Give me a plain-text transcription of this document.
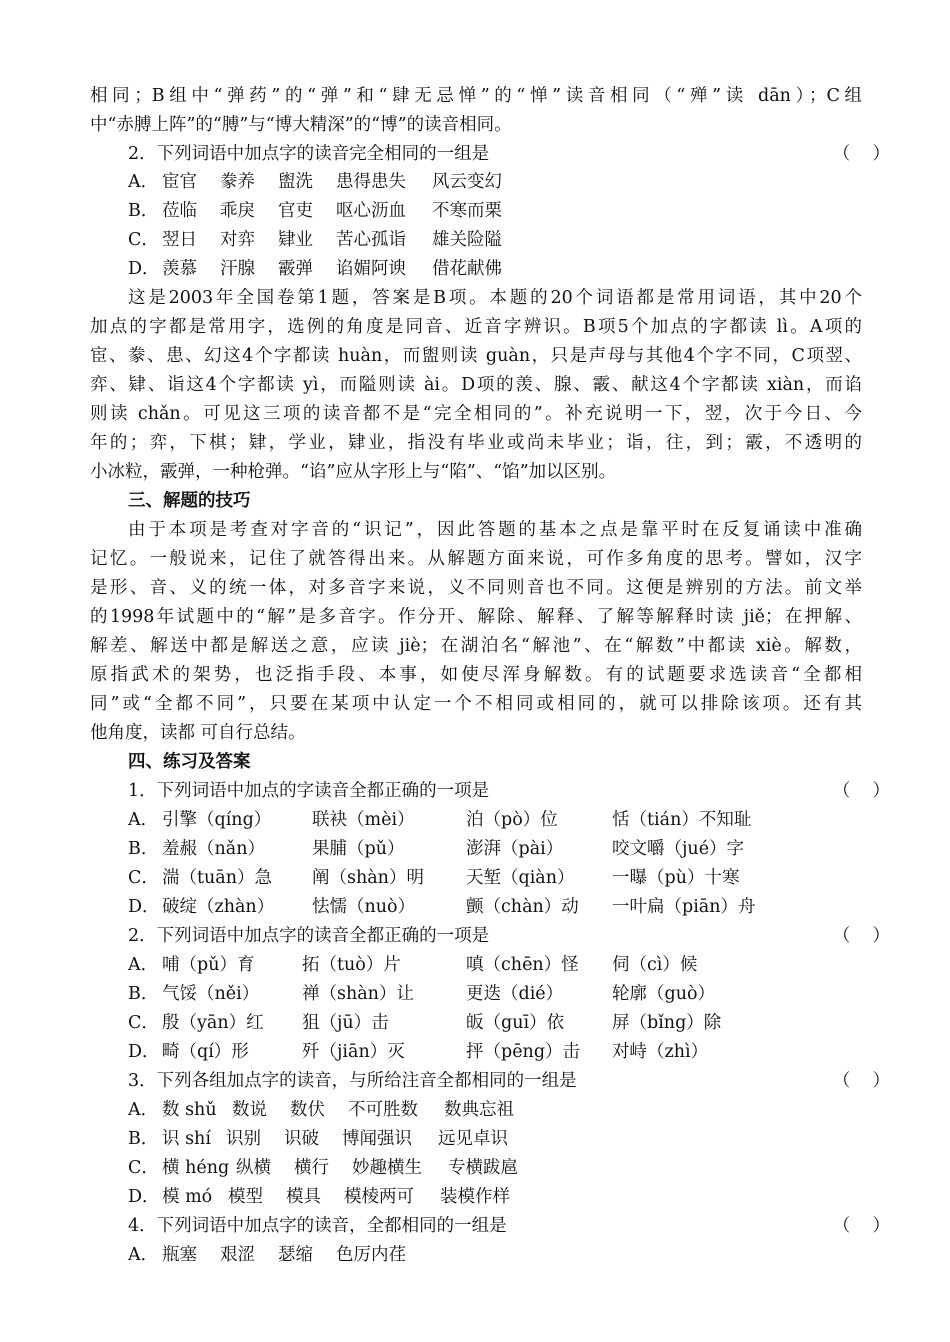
相同；B组中“弹药”的“弹”和“肆无忌惮”的“惮”读音相同（“殚”读 dān）；C组
中“赤膊上阵”的“膊”与“博大精深”的“博”的读音相同。
2．下列词语中加点字的读音完全相同的一组是	（    ）
A． 宦官 豢养 盥洗 患得患失 风云变幻
B． 莅临 乖戾 官吏 呕心沥血 不寒而栗
C． 翌日 对弈 肄业 苦心孤诣 雄关险隘
D． 羡慕 汗腺 霰弹 谄媚阿谀 借花献佛
这是2003年全国卷第1题，答案是B项。本题的20个词语都是常用词语，其中20个
加点的字都是常用字，选例的角度是同音、近音字辨识。B项5个加点的字都读 lì。A项的
宦、豢、患、幻这4个字都读 huàn，而盥则读 guàn，只是声母与其他4个字不同，C项翌、
弈、肄、诣这4个字都读 yì，而隘则读 ài。D项的羡、腺、霰、献这4个字都读 xiàn，而谄
则读 chǎn。可见这三项的读音都不是“完全相同的”。补充说明一下，翌，次于今日、今
年的；弈，下棋；肄，学业，肄业，指没有毕业或尚未毕业；诣，往，到；霰，不透明的
小冰粒，霰弹，一种枪弹。“谄”应从字形上与“陷”、“馅”加以区别。
三、解题的技巧
由于本项是考查对字音的“识记”，因此答题的基本之点是靠平时在反复诵读中准确
记忆。一般说来，记住了就答得出来。从解题方面来说，可作多角度的思考。譬如，汉字
是形、音、义的统一体，对多音字来说，义不同则音也不同。这便是辨别的方法。前文举
的1998年试题中的“解”是多音字。作分开、解除、解释、了解等解释时读 jiě；在押解、
解差、解送中都是解送之意，应读 jiè；在湖泊名“解池”、在“解数”中都读 xiè。解数，
原指武术的架势，也泛指手段、本事，如使尽浑身解数。有的试题要求选读音“全都相
同”或“全都不同”，只要在某项中认定一个不相同或相同的，就可以排除该项。还有其
他角度，读都 可自行总结。
四、练习及答案
1．下列词语中加点的字读音全都正确的一项是	（    ）
A． 引擎（qíng） 联袂（mèi）	泊（pò）位	恬（tián）不知耻
B． 羞赧（nǎn）	果脯（pǔ）	澎湃（pài）	咬文嚼（jué）字
C． 湍（tuān）急 阐（shàn）明 天堑（qiàn） 一曝（pù）十寒
D． 破绽（zhàn） 怯懦（nuò）	颤（chàn）动 一叶扁（piān）舟
2．下列词语中加点字的读音全都正确的一项是	（    ）
A． 哺（pǔ）育	拓（tuò）片	嗔（chēn）怪 伺（cì）候
B． 气馁（něi） 禅（shàn）让	更迭（dié）	轮廓（guò）
C． 殷（yān）红 狙（jū）击	皈（guī）依	屏（bǐng）除
D． 畸（qí）形	歼（jiān）灭	抨（pēng）击 对峙（zhì）
3．下列各组加点字的读音，与所给注音全都相同的一组是	（    ）
A． 数 shǔ 数说 数伏 不可胜数 数典忘祖
B． 识 shí 识别 识破 博闻强识 远见卓识
C． 横 héng 纵横 横行 妙趣横生 专横跋扈
D． 模 mó 模型 模具 模棱两可 装模作样
4．下列词语中加点字的读音，全都相同的一组是	（    ）
A． 瓶塞 艰涩 瑟缩 色厉内荏
